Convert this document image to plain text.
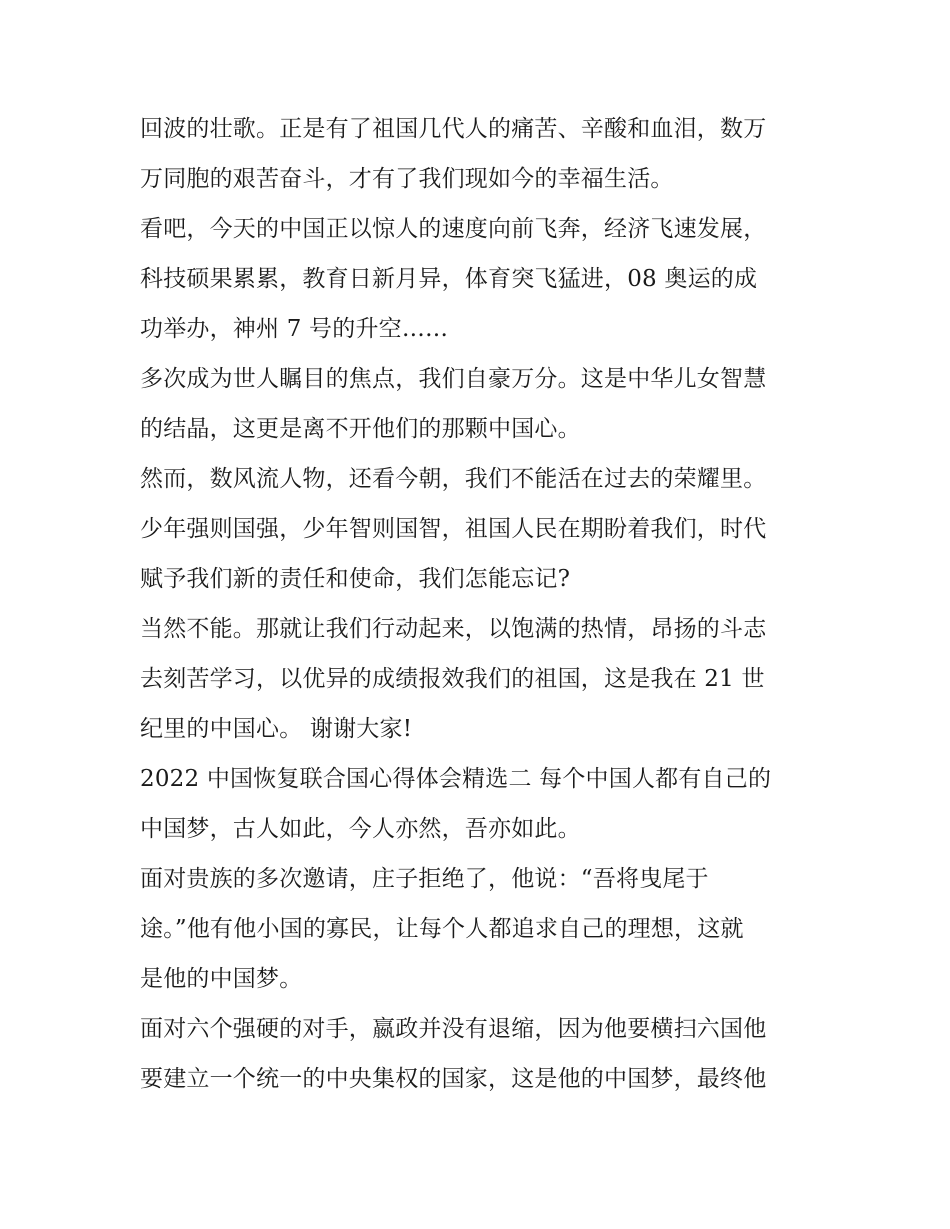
回波的壮歌。正是有了祖国几代人的痛苦、辛酸和血泪，数万
万同胞的艰苦奋斗，才有了我们现如今的幸福生活。
看吧，今天的中国正以惊人的速度向前飞奔，经济飞速发展，
科技硕果累累，教育日新月异，体育突飞猛进，08 奥运的成
功举办，神州 7 号的升空……
多次成为世人瞩目的焦点，我们自豪万分。这是中华儿女智慧
的结晶，这更是离不开他们的那颗中国心。
然而，数风流人物，还看今朝，我们不能活在过去的荣耀里。
少年强则国强，少年智则国智，祖国人民在期盼着我们，时代
赋予我们新的责任和使命，我们怎能忘记?
当然不能。那就让我们行动起来，以饱满的热情，昂扬的斗志
去刻苦学习，以优异的成绩报效我们的祖国，这是我在 21 世
纪里的中国心。 谢谢大家!
2022 中国恢复联合国心得体会精选二 每个中国人都有自己的
中国梦，古人如此，今人亦然，吾亦如此。
面对贵族的多次邀请，庄子拒绝了，他说：“吾将曳尾于
途。”他有他小国的寡民，让每个人都追求自己的理想，这就
是他的中国梦。
面对六个强硬的对手，嬴政并没有退缩，因为他要横扫六国他
要建立一个统一的中央集权的国家，这是他的中国梦，最终他
